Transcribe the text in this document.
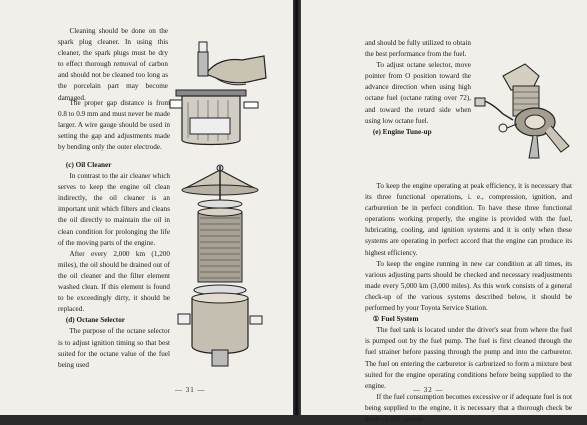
Cleaning should be done on the spark plug cleaner. In using this cleaner, the spark plugs must be dry to effect thorough removal of carbon and should not be cleaned too long as the porcelain part may become damaged.

The proper gap distance is from 0.8 to 0.9 mm and must never be made larger. A wire gauge should be used in setting the gap and adjustments made by bending only the outer electrode.

(c) Oil Cleaner

In contrast to the air cleaner which serves to keep the engine oil clean indirectly, the oil cleaner is an important unit which filters and cleans the oil directly to maintain the oil in clean condition for prolonging the life of the moving parts of the engine.

After every 2,000 km (1,200 miles), the oil should be drained out of the oil cleaner and the filter element washed clean. If this element is found to be exceedingly dirty, it should be replaced.

(d) Octane Selector

The purpose of the octane selector is to adjust ignition timing so that best suited for the octane value of the fuel being used

— 31 —

and should be fully utilized to obtain the best performance from the fuel.

To adjust octane selector, move pointer from O position toward the advance direction when using high octane fuel (octane rating over 72), and toward the retard side when using low octane fuel.

(e) Engine Tune-up

To keep the engine operating at peak efficiency, it is necessary that its three functional operations, i. e., compression, ignition, and carburetion be in perfect condition. To have these three functional operations working properly, the engine is provided with the fuel, lubricating, cooling, and ignition systems and it is only when these systems are operating in perfect accord that the engine can produce its highest efficiency.

To keep the engine running in new car condition at all times, its various adjusting parts should be checked and necessary readjustments made every 5,000 km (3,000 miles). As this work consists of a general check-up of the various systems described below, it should be performed by your Toyota Service Station.

① Fuel System

The fuel tank is located under the driver's seat from where the fuel is pumped out by the fuel pump. The fuel is first cleaned through the fuel strainer before passing through the pump and into the carburetor. The fuel on entering the carburetor is carburized to form a mixture best suited for the engine operating conditions before being supplied to the engine.

If the fuel consumption becomes excessive or if adequate fuel is not being supplied to the engine, it is necessary that a thorough check be made of this system.

— 32 —
